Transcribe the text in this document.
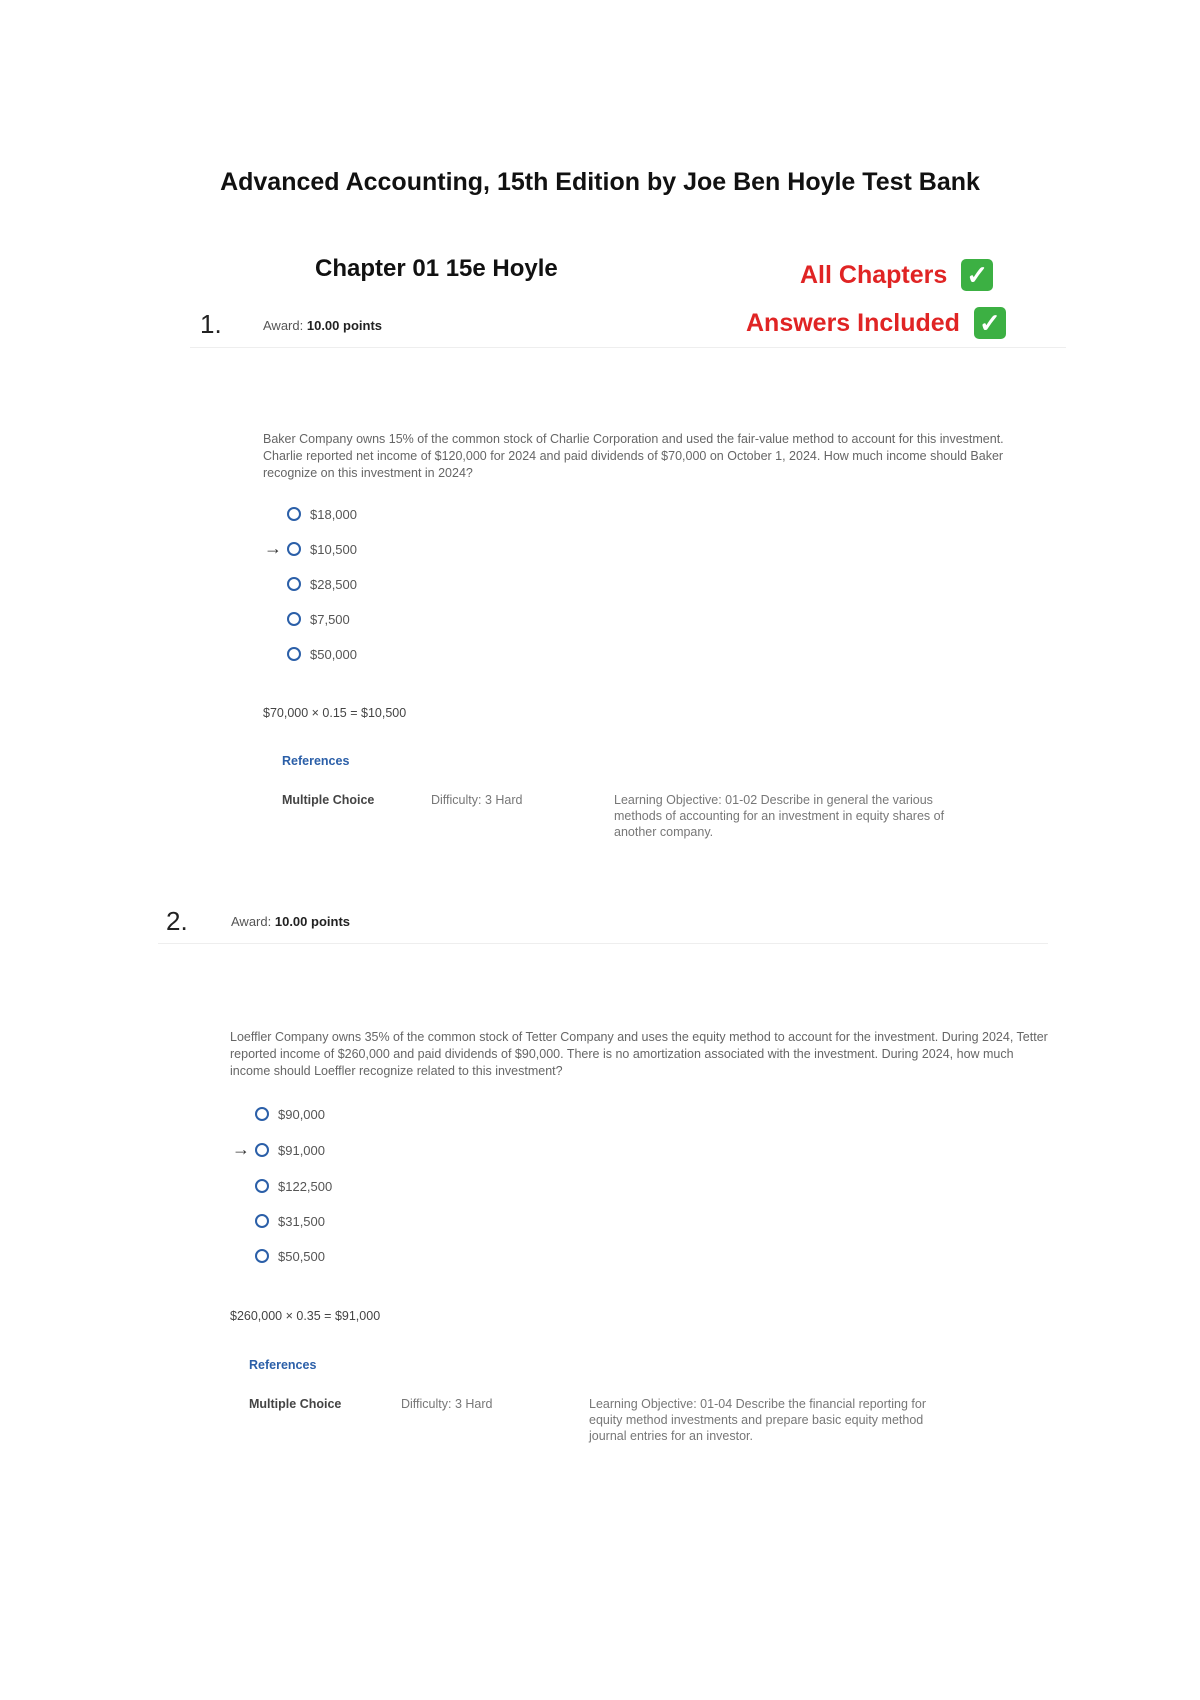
Advanced Accounting, 15th Edition by Joe Ben Hoyle Test Bank
Chapter 01 15e Hoyle	All Chapters ✓
Answers Included ✓
1.	Award: 10.00 points
Baker Company owns 15% of the common stock of Charlie Corporation and used the fair-value method to account for this investment. Charlie reported net income of $120,000 for 2024 and paid dividends of $70,000 on October 1, 2024. How much income should Baker recognize on this investment in 2024?
→
$18,000
$10,500
$28,500
$7,500
$50,000
$70,000 × 0.15 = $10,500
References
Multiple Choice	Difficulty: 3 Hard	Learning Objective: 01-02 Describe in general the various methods of accounting for an investment in equity shares of another company.
2.	Award: 10.00 points
Loeffler Company owns 35% of the common stock of Tetter Company and uses the equity method to account for the investment. During 2024, Tetter reported income of $260,000 and paid dividends of $90,000. There is no amortization associated with the investment. During 2024, how much income should Loeffler recognize related to this investment?
→
$90,000
$91,000
$122,500
$31,500
$50,500
$260,000 × 0.35 = $91,000
References
Multiple Choice	Difficulty: 3 Hard	Learning Objective: 01-04 Describe the financial reporting for equity method investments and prepare basic equity method journal entries for an investor.
